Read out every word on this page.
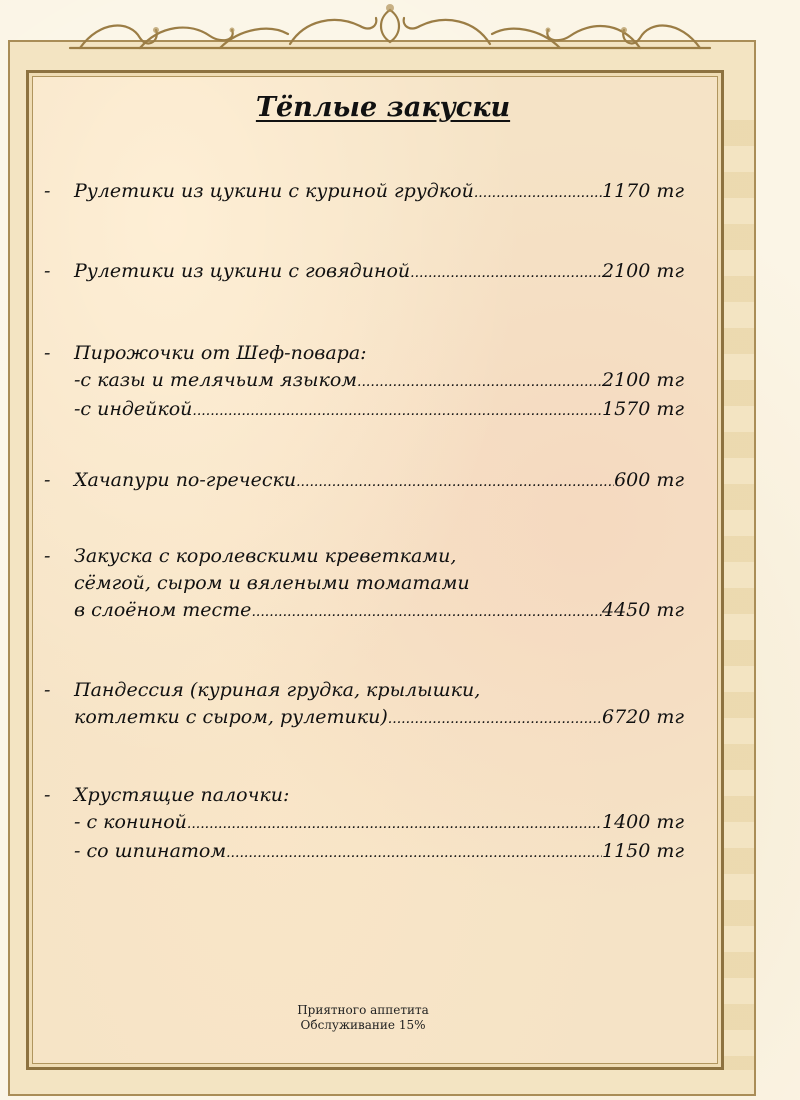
Тёплые закуски
-	Рулетики из цукини с куриной грудкой .....	1170 тг
-	Рулетики из цукини с говядиной .....	2100 тг
-	Пирожочки от Шеф-повара:
-с казы и телячьим языком .....	2100 тг
-с индейкой .....	1570 тг
-	Хачапури по-гречески .....	600 тг
-	Закуска с королевскими креветками,
сёмгой, сыром и вялеными томатами
в слоёном тесте .....	4450 тг
-	Пандессия (куриная грудка, крылышки,
котлетки с сыром, рулетики) .....	6720 тг
-	Хрустящие палочки:
- с кониной .....	1400 тг
- со шпинатом .....	1150 тг
Приятного аппетита
Обслуживание 15%
